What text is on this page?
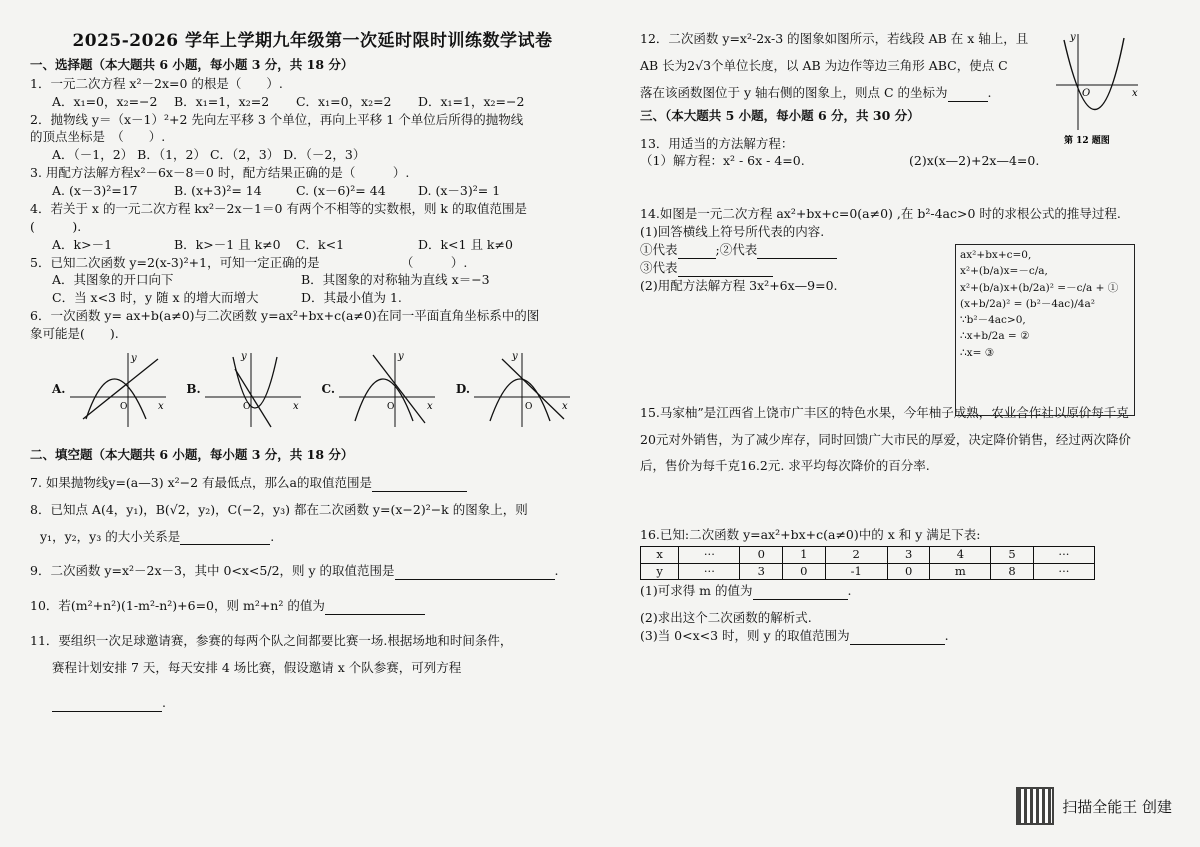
2025-2026 学年上学期九年级第一次延时限时训练数学试卷
一、选择题（本大题共 6 小题，每小题 3 分，共 18 分）
1．一元二次方程 x²－2x=0 的根是（　　）.
A．x₁=0，x₂=−2 B．x₁=1，x₂=2 C．x₁=0，x₂=2 D．x₁=1，x₂=−2
2．抛物线 y＝（x－1）²+2 先向左平移 3 个单位，再向上平移 1 个单位后所得的抛物线
的顶点坐标是　（　　）.
A．（－1，2） B．（1，2） C．（2，3） D．（－2，3）
3. 用配方法解方程x²－6x－8＝0 时，配方结果正确的是（　　　）.
A. (x－3)²=17	B. (x+3)²= 14	C. (x－6)²= 44	D. (x－3)²= 1
4．若关于 x 的一元二次方程 kx²－2x－1＝0 有两个不相等的实数根，则 k 的取值范围是
(　　　).
A．k>－1	B．k>－1 且 k≠0 C．k<1	D．k<1 且 k≠0
5．已知二次函数 y=2(x-3)²+1，可知一定正确的是　　　　　　　（　　　）.
A．其图象的开口向下	B．其图象的对称轴为直线 x＝−3
C．当 x<3 时，y 随 x 的增大而增大	D．其最小值为 1.
6．一次函数 y= ax+b(a≠0)与二次函数 y=ax²+bx+c(a≠0)在同一平面直角坐标系中的图
象可能是(　　).
A.
x
y
O
B.
x
y
O
C.
x
y
O
D.
x
y
O
二、填空题（本大题共 6 小题，每小题 3 分，共 18 分）
7. 如果抛物线y=(a—3) x²−2 有最低点，那么a的取值范围是
8．已知点 A(4，y₁)，B(√2，y₂)，C(−2，y₃) 都在二次函数 y=(x−2)²−k 的图象上，则
y₁，y₂，y₃ 的大小关系是	.
9．二次函数 y=x²－2x－3，其中 0<x<5/2，则 y 的取值范围是	.
10．若(m²+n²)(1-m²-n²)+6=0，则 m²+n² 的值为
11．要组织一次足球邀请赛，参赛的每两个队之间都要比赛一场.根据场地和时间条件，
赛程计划安排 7 天，每天安排 4 场比赛，假设邀请 x 个队参赛，可列方程
.
x
y
O
第 12 题图
12．二次函数 y=x²-2x-3 的图象如图所示，若线段 AB 在 x 轴上，且
AB 长为2√3个单位长度，以 AB 为边作等边三角形 ABC，使点 C
落在该函数图位于 y 轴右侧的图象上，则点 C 的坐标为	.
三、（本大题共 5 小题，每小题 6 分，共 30 分）
13．用适当的方法解方程：
（1）解方程：x² - 6x - 4=0.	(2)x(x—2)+2x—4=0.
14.如图是一元二次方程 ax²+bx+c=0(a≠0) ,在 b²-4ac>0 时的求根公式的推导过程.
(1)回答横线上符号所代表的内容.
①代表	;②代表
③代表
(2)用配方法解方程 3x²+6x—9=0.
ax²+bx+c=0,
x²+(b/a)x=－c/a,
x²+(b/a)x+(b/2a)² =－c/a + ①
(x+b/2a)² = (b²－4ac)/4a²
∵b²－4ac>0,
∴x+b/2a = ②
∴x= ③
15.马家柚”是江西省上饶市广丰区的特色水果，今年柚子成熟，农业合作社以原价每千克
20元对外销售，为了减少库存，同时回馈广大市民的厚爱，决定降价销售，经过两次降价
后，售价为每千克16.2元. 求平均每次降价的百分率.
16.已知:二次函数 y=ax²+bx+c(a≠0)中的 x 和 y 满足下表:
x	···	0	1	2	3	4	5	···
y	···	3	0	-1	0	m	8	···
(1)可求得 m 的值为	.
(2)求出这个二次函数的解析式.
(3)当 0<x<3 时，则 y 的取值范围为	.
扫描全能王 创建
